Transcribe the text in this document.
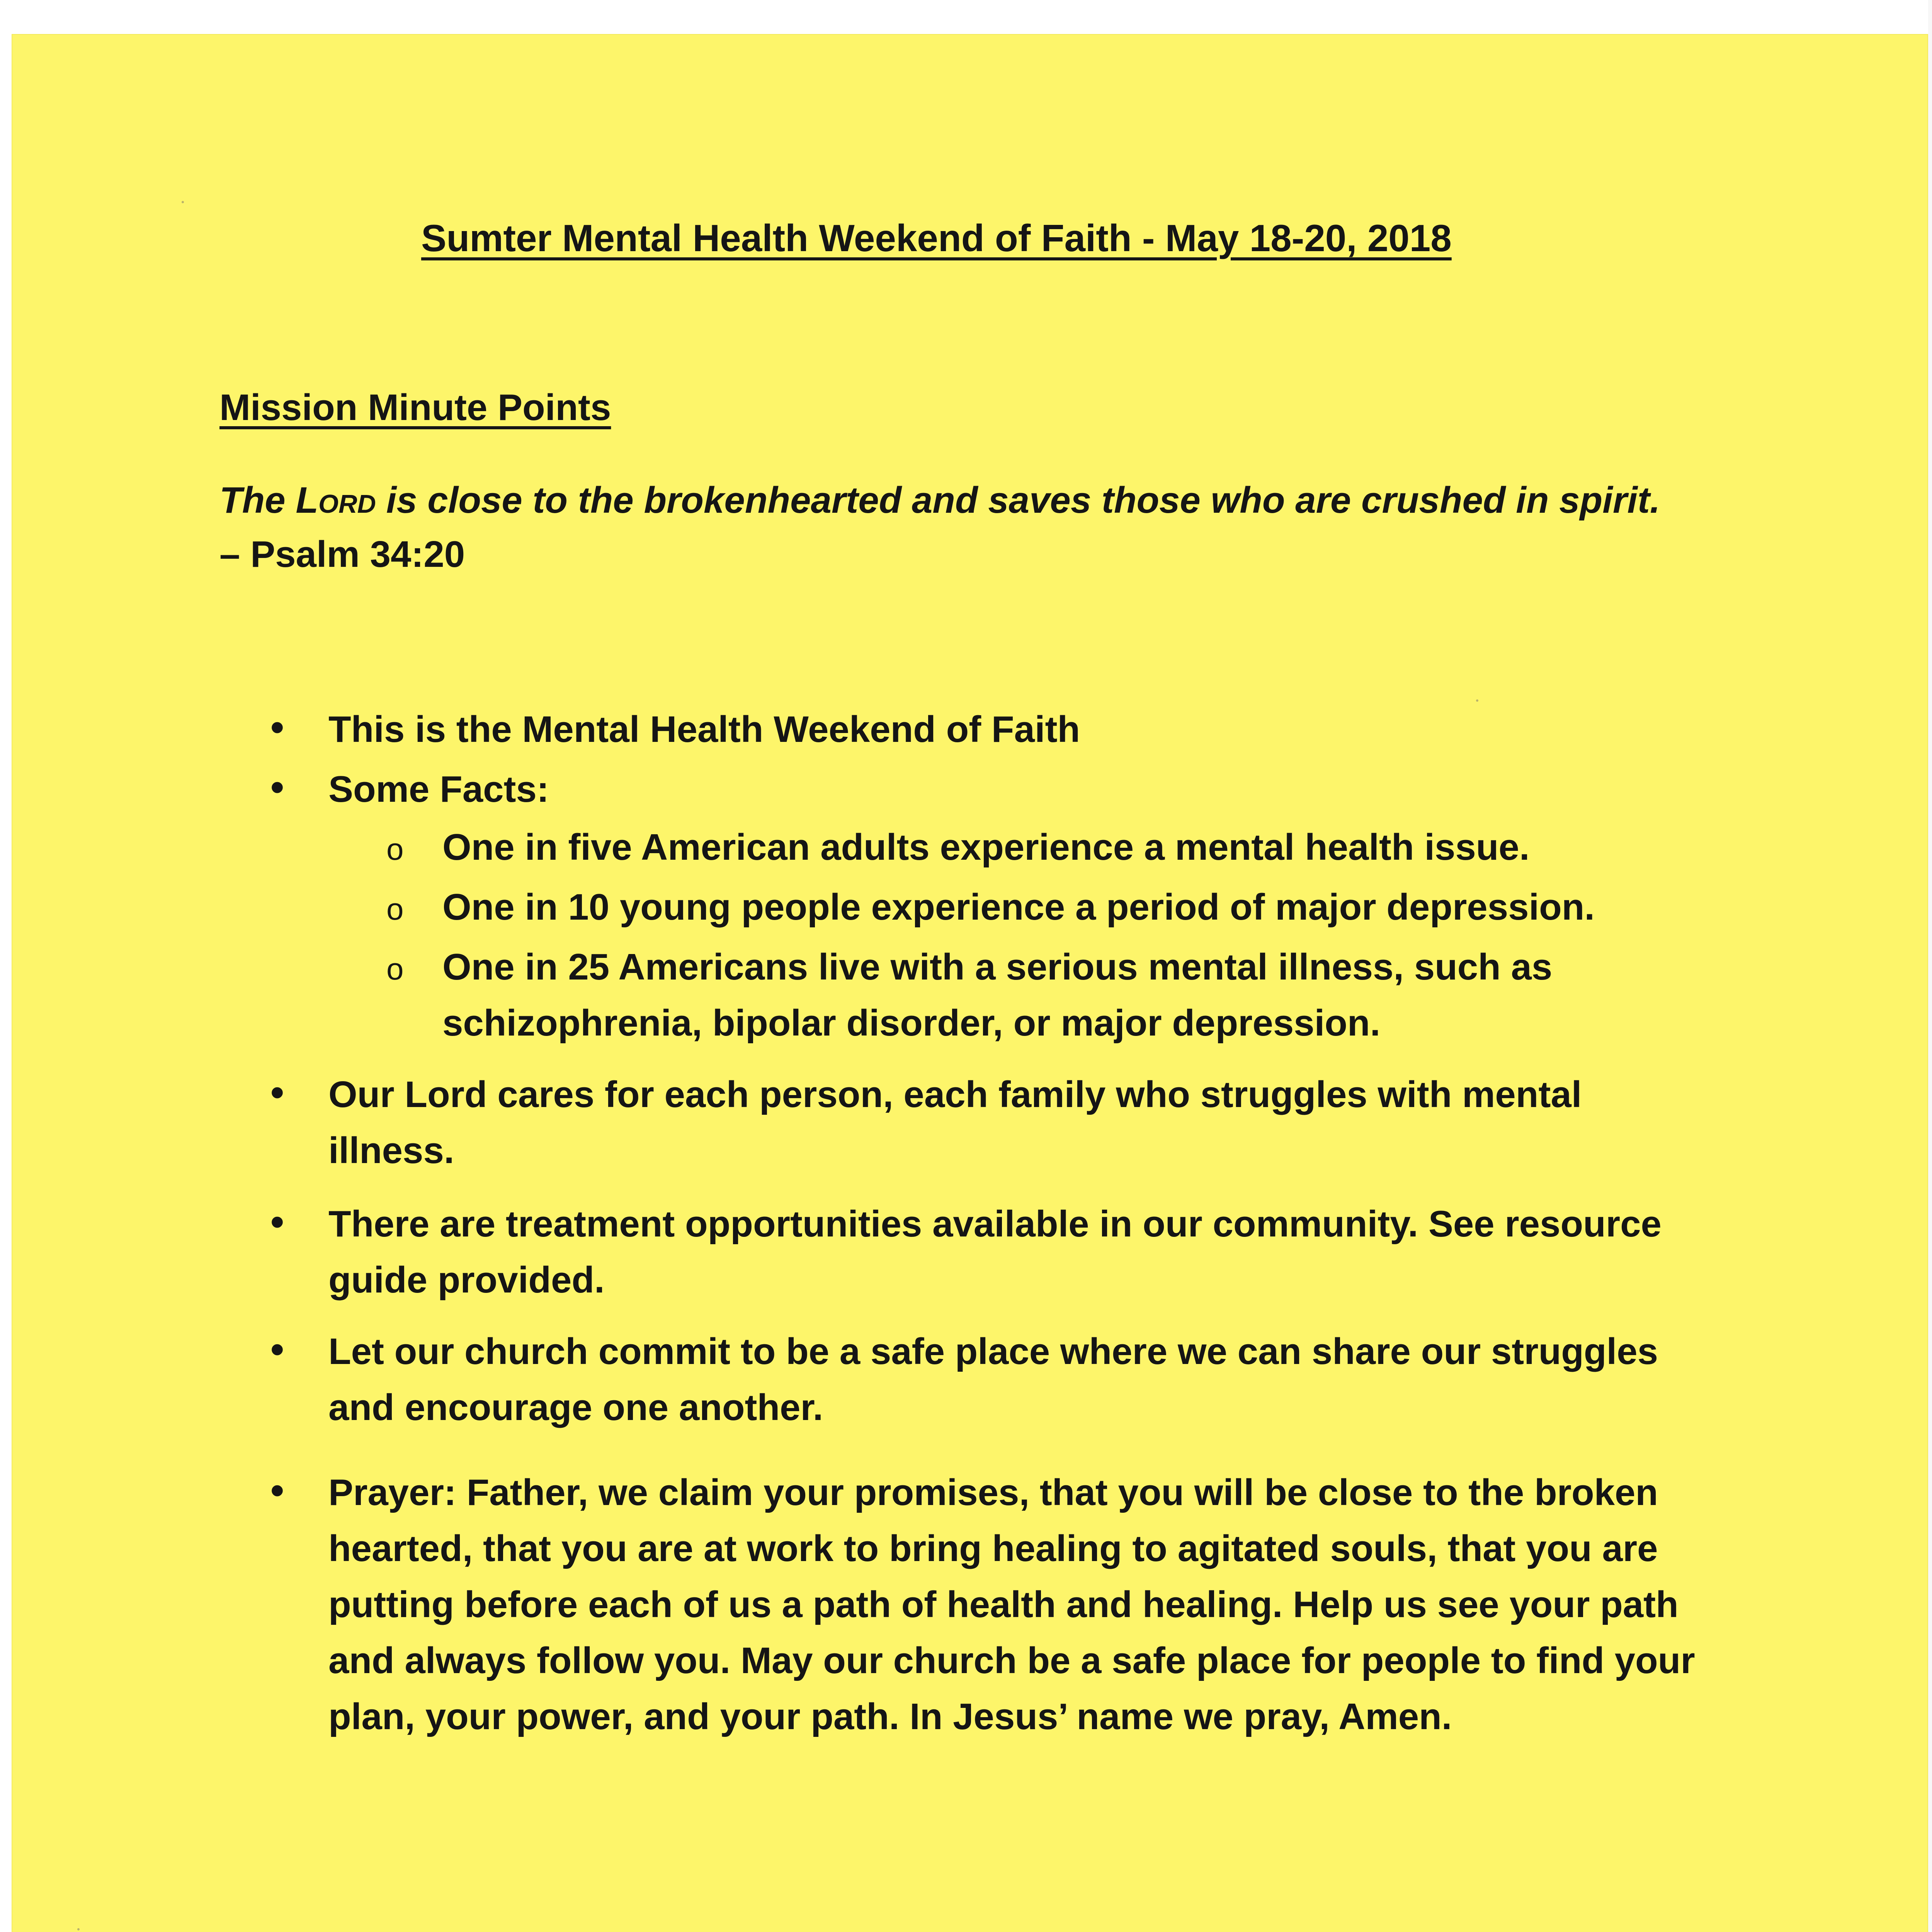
Sumter Mental Health Weekend of Faith - May 18-20, 2018
Mission Minute Points
The Lord is close to the brokenhearted and saves those who are crushed in spirit.
– Psalm 34:20
• This is the Mental Health Weekend of Faith
• Some Facts:
o One in five American adults experience a mental health issue.
o One in 10 young people experience a period of major depression.
o One in 25 Americans live with a serious mental illness, such as schizophrenia, bipolar disorder, or major depression.
• Our Lord cares for each person, each family who struggles with mental illness.
• There are treatment opportunities available in our community. See resource guide provided.
• Let our church commit to be a safe place where we can share our struggles and encourage one another.
• Prayer: Father, we claim your promises, that you will be close to the broken hearted, that you are at work to bring healing to agitated souls, that you are putting before each of us a path of health and healing. Help us see your path and always follow you. May our church be a safe place for people to find your plan, your power, and your path. In Jesus’ name we pray, Amen.
